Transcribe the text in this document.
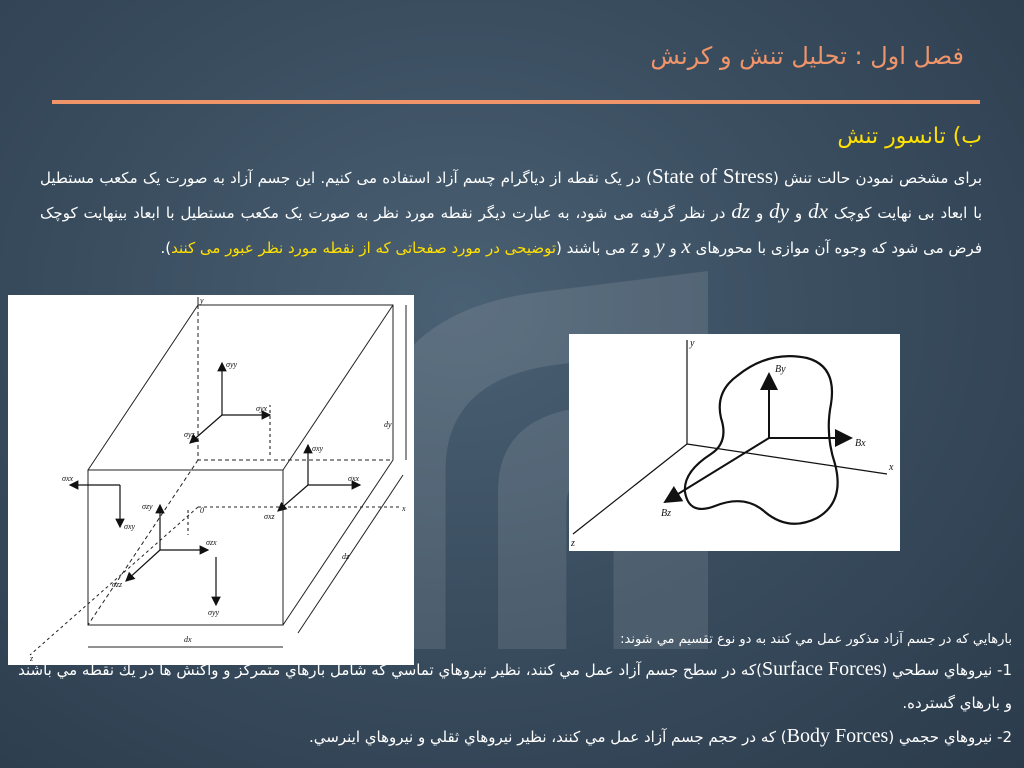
فصل اول : تحليل تنش و كرنش
ب) تانسور تنش
براى مشخص نمودن حالت تنش (State of Stress) در يک نقطه از دياگرام چسم آزاد استفاده می کنيم. اين جسم آزاد به صورت يک مکعب مستطيل با ابعاد بی نهايت کوچک dx و dy و dz در نظر گرفته می شود، به عبارت ديگر نقطه مورد نظر به صورت يک مکعب مستطيل با ابعاد بينهايت کوچک فرض می شود که وجوه آن موازی با محورهای x و y و z می باشند (توضيحی در مورد صفحاتی که از نقطه مورد نظر عبور می کنند).
y
x
z
0
dx
dy
dz
σyy
σyx
σyz
σxx
σxy
σxz
σxx
σxy
σzz
σzx
σzy
σyy
y
x
z
By
Bx
Bz
بارهايي که در جسم آزاد مذکور عمل مي کنند به دو نوع تقسيم مي شوند:
1- نيروهاي سطحي (Surface Forces)که در سطح جسم آزاد عمل مي کنند، نظير نيروهاي تماسي که شامل بارهاي متمرکز و واکنش ها در يك نقطه مي باشند و بارهاي گسترده.
2- نيروهاي حجمي (Body Forces) که در حجم جسم آزاد عمل مي کنند، نظير نيروهاي ثقلي و نيروهاي اينرسي.
